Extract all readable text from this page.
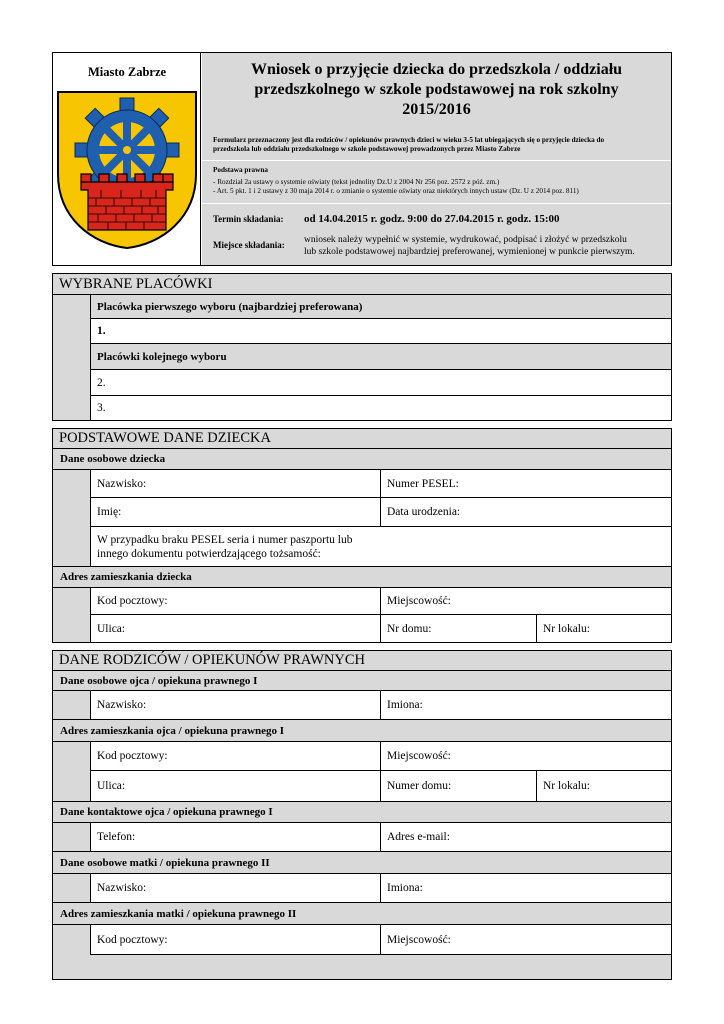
Miasto Zabrze	Wniosek o przyjęcie dziecka do przedszkola / oddziału
przedszkolnego w szkole podstawowej na rok szkolny
2015/2016
Formularz przeznaczony jest dla rodziców / opiekunów prawnych dzieci w wieku 3-5 lat ubiegających się o przyjęcie dziecka do
przedszkola lub oddziału przedszkolnego w szkole podstawowej prowadzonych przez Miasto Zabrze
Podstawa prawna
- Rozdział 2a ustawy o systemie oświaty (tekst jednolity Dz.U z 2004 Nr 256 poz. 2572 z póź. zm.)
- Art. 5 pkt. 1 i 2 ustawy z 30 maja 2014 r. o zmianie o systemie oświaty oraz niektórych innych ustaw (Dz. U z 2014 poz. 811)
Termin składania: od 14.04.2015 r. godz. 9:00 do 27.04.2015 r. godz. 15:00
Miejsce składania: wniosek należy wypełnić w systemie, wydrukować, podpisać i złożyć w przedszkolu
lub szkole podstawowej najbardziej preferowanej, wymienionej w punkcie pierwszym.
WYBRANE PLACÓWKI
Placówka pierwszego wyboru (najbardziej preferowana)
1.
Placówki kolejnego wyboru
2.
3.
PODSTAWOWE DANE DZIECKA
Dane osobowe dziecka
Nazwisko:	Numer PESEL:
Imię:	Data urodzenia:
W przypadku braku PESEL seria i numer paszportu lub
innego dokumentu potwierdzającego tożsamość:
Adres zamieszkania dziecka
Kod pocztowy:	Miejscowość:
Ulica:	Nr domu:	Nr lokalu:
DANE RODZICÓW / OPIEKUNÓW PRAWNYCH
Dane osobowe ojca / opiekuna prawnego I
Nazwisko:	Imiona:
Adres zamieszkania ojca / opiekuna prawnego I
Kod pocztowy:	Miejscowość:
Ulica:	Numer domu:	Nr lokalu:
Dane kontaktowe ojca / opiekuna prawnego I
Telefon:	Adres e-mail:
Dane osobowe matki / opiekuna prawnego II
Nazwisko:	Imiona:
Adres zamieszkania matki / opiekuna prawnego II
Kod pocztowy:	Miejscowość:
